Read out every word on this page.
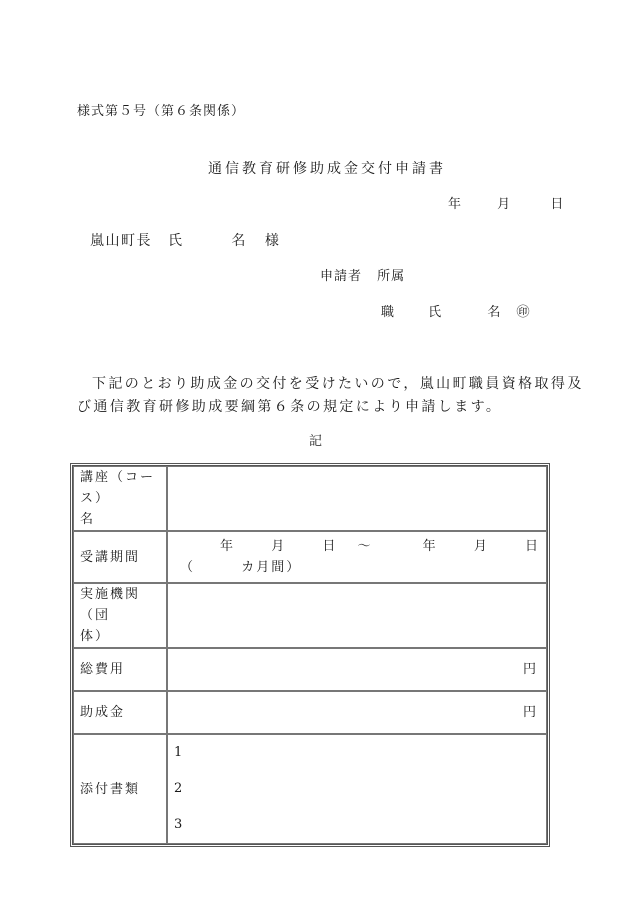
様式第５号（第６条関係）
通信教育研修助成金交付申請書
年	月	日
嵐山町長 氏	名 様
申請者 所属
職	氏	名 ㊞
下記のとおり助成金の交付を受けたいので，嵐山町職員資格取得及
び通信教育研修助成要綱第６条の規定により申請します。
記
講座（コース）
名	

受講期間	年 月 日 ～ 年 月 日
（ カ月間）

実施機関（団
体）	

総費用	円
助成金	円
添付書類	1
2
3
